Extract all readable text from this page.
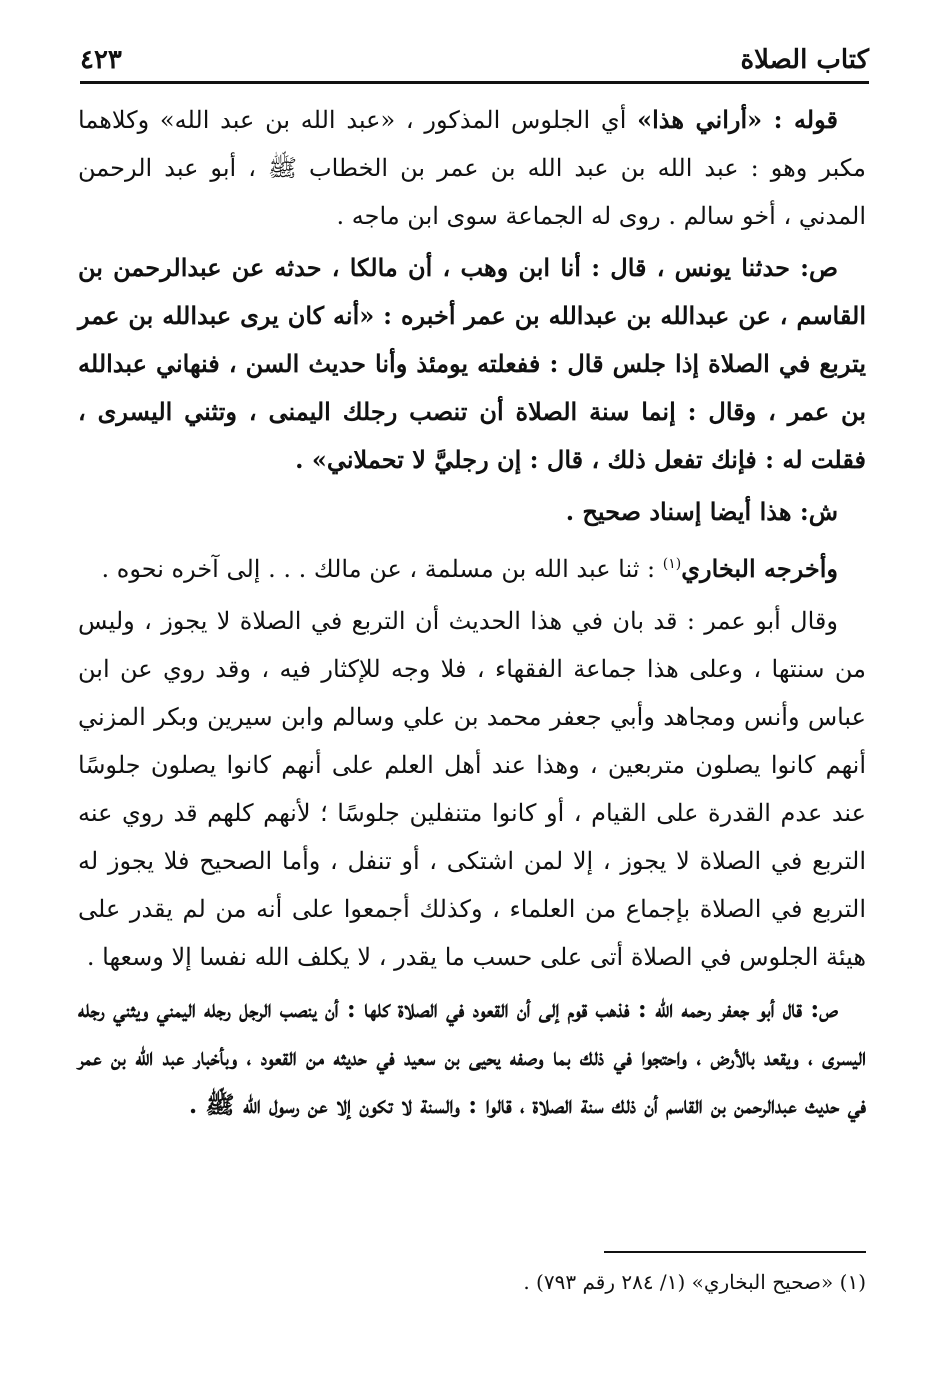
كتاب الصلاة
٤٢٣

قوله : «أراني هذا» أي الجلوس المذكور ، «عبد الله بن عبد الله» وكلاهما مكبر وهو : عبد الله بن عبد الله بن عمر بن الخطاب ﷺ ، أبو عبد الرحمن المدني ، أخو سالم . روى له الجماعة سوى ابن ماجه .

ص: حدثنا يونس ، قال : أنا ابن وهب ، أن مالكا ، حدثه عن عبدالرحمن بن القاسم ، عن عبدالله بن عبدالله بن عمر أخبره : «أنه كان يرى عبدالله بن عمر يتربع في الصلاة إذا جلس قال : ففعلته يومئذ وأنا حديث السن ، فنهاني عبدالله بن عمر ، وقال : إنما سنة الصلاة أن تنصب رجلك اليمنى ، وتثني اليسرى ، فقلت له : فإنك تفعل ذلك ، قال : إن رجليَّ لا تحملاني» .

ش: هذا أيضا إسناد صحيح .

وأخرجه البخاري$^{(١)}$ : ثنا عبد الله بن مسلمة ، عن مالك . . . إلى آخره نحوه .

وقال أبو عمر : قد بان في هذا الحديث أن التربع في الصلاة لا يجوز ، وليس من سنتها ، وعلى هذا جماعة الفقهاء ، فلا وجه للإكثار فيه ، وقد روي عن ابن عباس وأنس ومجاهد وأبي جعفر محمد بن علي وسالم وابن سيرين وبكر المزني أنهم كانوا يصلون متربعين ، وهذا عند أهل العلم على أنهم كانوا يصلون جلوسًا عند عدم القدرة على القيام ، أو كانوا متنفلين جلوسًا ؛ لأنهم كلهم قد روي عنه التربع في الصلاة لا يجوز ، إلا لمن اشتكى ، أو تنفل ، وأما الصحيح فلا يجوز له التربع في الصلاة بإجماع من العلماء ، وكذلك أجمعوا على أنه من لم يقدر على هيئة الجلوس في الصلاة أتى على حسب ما يقدر ، لا يكلف الله نفسا إلا وسعها .

ص: قال أبو جعفر رحمه الله : فذهب قوم إلى أن القعود في الصلاة كلها : أن ينصب الرجل رجله اليمني ويثني رجله اليسرى ، ويقعد بالأرض ، واحتجوا في ذلك بما وصفه يحيى بن سعيد في حديثه من القعود ، وبأخبار عبد الله بن عمر في حديث عبدالرحمن بن القاسم أن ذلك سنة الصلاة ، قالوا : والسنة لا تكون إلا عن رسول الله ﷺ .

(١) «صحيح البخاري» (١/ ٢٨٤ رقم ٧٩٣) .
